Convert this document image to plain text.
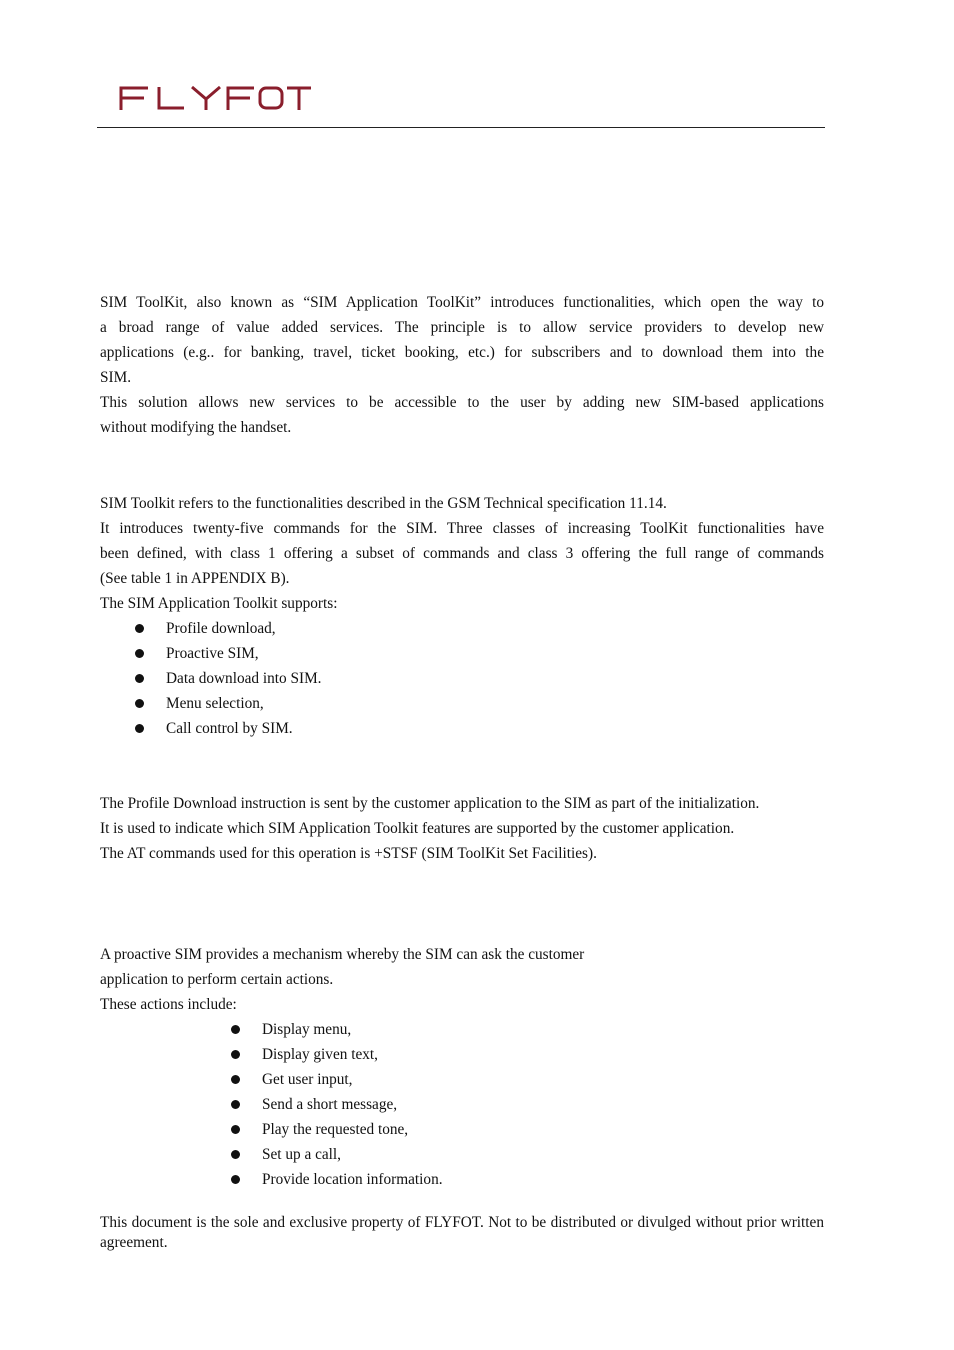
SIM ToolKit, also known as “SIM Application ToolKit” introduces functionalities, which open the way to

a broad range of value added services. The principle is to allow service providers to develop new

applications (e.g.. for banking, travel, ticket booking, etc.) for subscribers and to download them into the

SIM.

This solution allows new services to be accessible to the user by adding new SIM-based applications

without modifying the handset.

SIM Toolkit refers to the functionalities described in the GSM Technical specification 11.14.

It introduces twenty-five commands for the SIM. Three classes of increasing ToolKit functionalities have

been defined, with class 1 offering a subset of commands and class 3 offering the full range of commands

(See table 1 in APPENDIX B).

The SIM Application Toolkit supports:

Profile download,
Proactive SIM,
Data download into SIM.
Menu selection,
Call control by SIM.

The Profile Download instruction is sent by the customer application to the SIM as part of the initialization.

It is used to indicate which SIM Application Toolkit features are supported by the customer application.

The AT commands used for this operation is +STSF (SIM ToolKit Set Facilities).

A proactive SIM provides a mechanism whereby the SIM can ask the customer

application to perform certain actions.

These actions include:

Display menu,
Display given text,
Get user input,
Send a short message,
Play the requested tone,
Set up a call,
Provide location information.

This document is the sole and exclusive property of FLYFOT. Not to be distributed or divulged without prior written agreement.
